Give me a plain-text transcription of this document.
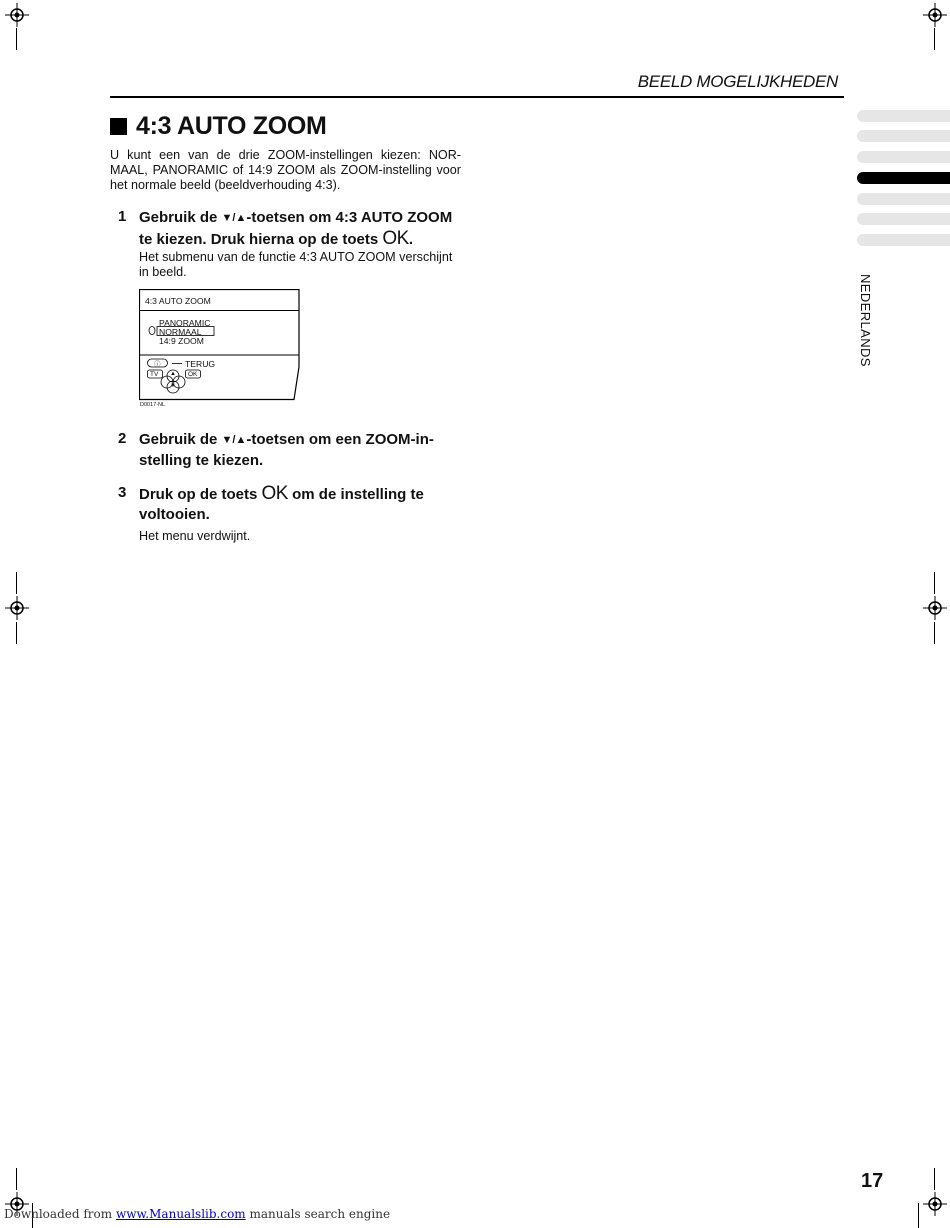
BEELD MOGELIJKHEDEN
NEDERLANDS
4:3 AUTO ZOOM
U kunt een van de drie ZOOM-instellingen kiezen: NOR-MAAL, PANORAMIC of 14:9 ZOOM als ZOOM-instelling voor het normale beeld (beeldverhouding 4:3).
1 Gebruik de ▼/▲-toetsen om 4:3 AUTO ZOOM te kiezen. Druk hierna op de toets OK.
Het submenu van de functie 4:3 AUTO ZOOM verschijnt in beeld.
4:3 AUTO ZOOM
PANORAMIC
NORMAAL
14:9 ZOOM
ⓘ	TERUG
TV	OK
▲
▼
D0017-NL
2 Gebruik de ▼/▲-toetsen om een ZOOM-in-stelling te kiezen.
3 Druk op de toets OK om de instelling te voltooien.
Het menu verdwijnt.
17
Downloaded from www.Manualslib.com manuals search engine
